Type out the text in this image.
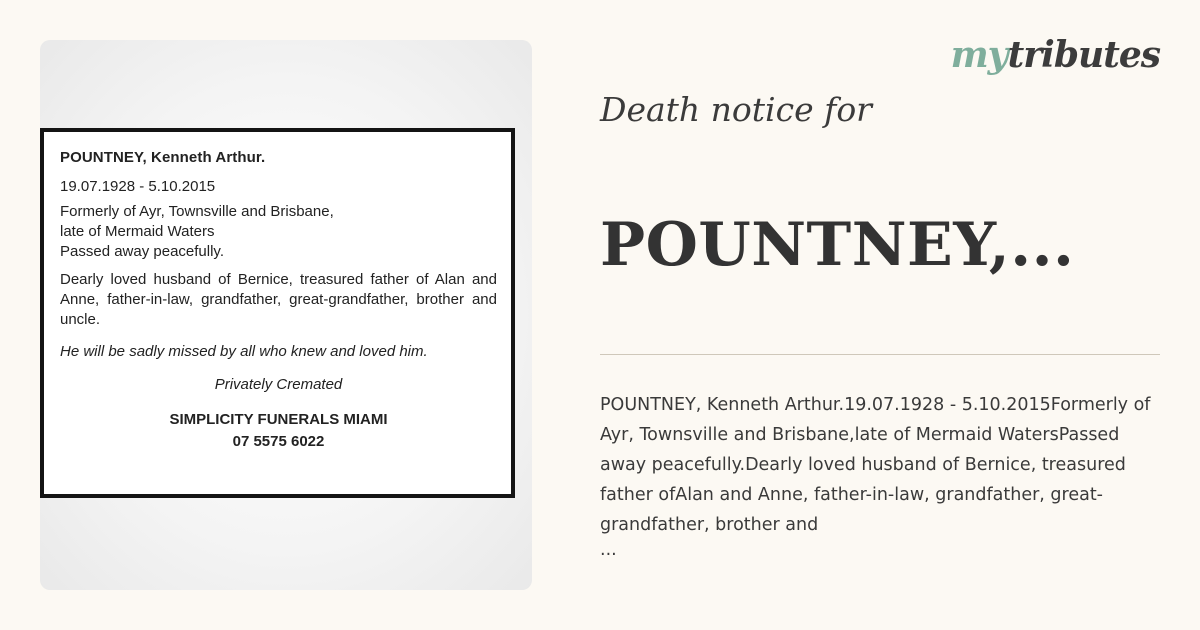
POUNTNEY, Kenneth Arthur.

19.07.1928 - 5.10.2015

Formerly of Ayr, Townsville and Brisbane,

late of Mermaid Waters

Passed away peacefully.

Dearly loved husband of Bernice, treasured father of Alan and Anne, father-in-law, grandfather, great-grandfather, brother and uncle.

He will be sadly missed by all who knew and loved him.

Privately Cremated

SIMPLICITY FUNERALS MIAMI

07 5575 6022

mytributes

Death notice for

POUNTNEY,...

POUNTNEY, Kenneth Arthur.19.07.1928 - 5.10.2015Formerly of Ayr, Townsville and Brisbane,late of Mermaid WatersPassed away peacefully.Dearly loved husband of Bernice, treasured father ofAlan and Anne, father-in-law, grandfather, great-grandfather, brother and

...
